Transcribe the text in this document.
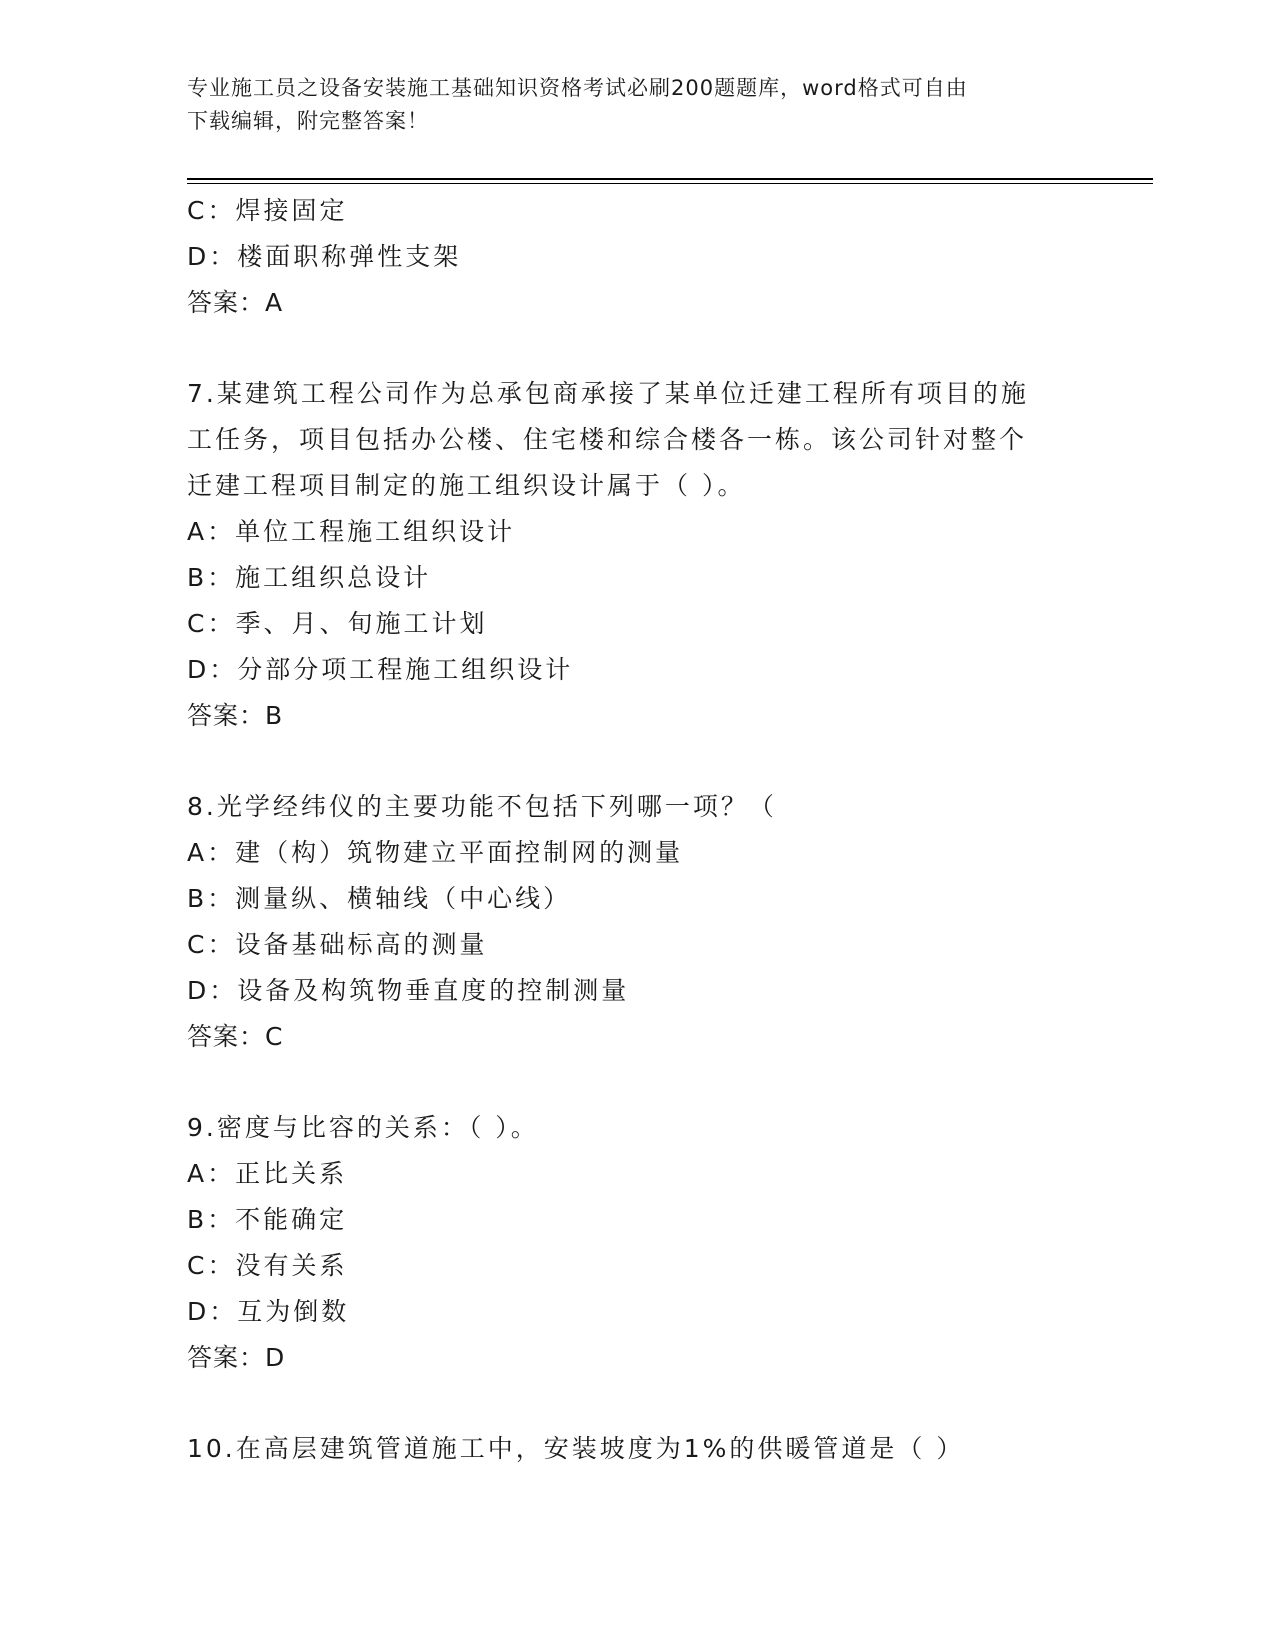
专业施工员之设备安装施工基础知识资格考试必刷200题题库，word格式可自由
下载编辑，附完整答案！
C：焊接固定
D：楼面职称弹性支架
答案：A
7.某建筑工程公司作为总承包商承接了某单位迁建工程所有项目的施
工任务，项目包括办公楼、住宅楼和综合楼各一栋。该公司针对整个
迁建工程项目制定的施工组织设计属于（ ）。
A：单位工程施工组织设计
B：施工组织总设计
C：季、月、旬施工计划
D：分部分项工程施工组织设计
答案：B
8.光学经纬仪的主要功能不包括下列哪一项？（
A：建（构）筑物建立平面控制网的测量
B：测量纵、横轴线（中心线）
C：设备基础标高的测量
D：设备及构筑物垂直度的控制测量
答案：C
9.密度与比容的关系：（ ）。
A：正比关系
B：不能确定
C：没有关系
D：互为倒数
答案：D
10.在高层建筑管道施工中，安装坡度为1%的供暖管道是（ ）
